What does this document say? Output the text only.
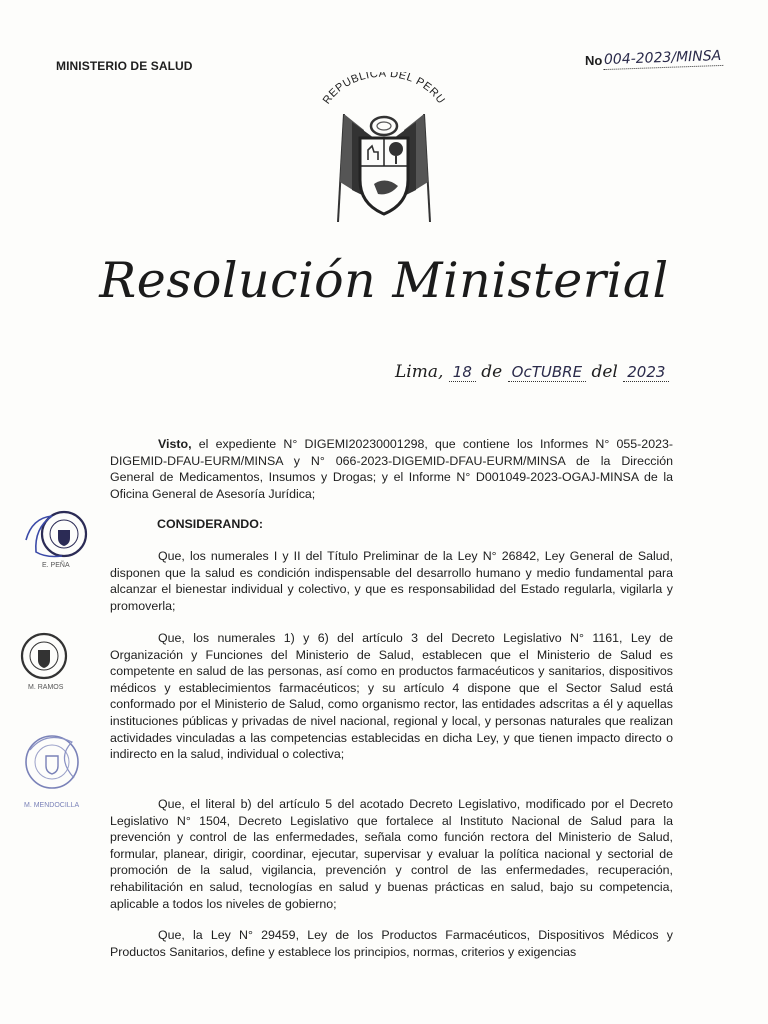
MINISTERIO DE SALUD	No 004-2023/MINSA
REPUBLICA DEL PERU
Resolución Ministerial
Lima, 18 de OcTUBRE del 2023
E. PEÑA
M. RAMOS
M. MENDOCILLA

Visto, el expediente N° DIGEMI20230001298, que contiene los Informes N° 055-2023-DIGEMID-DFAU-EURM/MINSA y N° 066-2023-DIGEMID-DFAU-EURM/MINSA de la Dirección General de Medicamentos, Insumos y Drogas; y el Informe N° D001049-2023-OGAJ-MINSA de la Oficina General de Asesoría Jurídica;

CONSIDERANDO:

Que, los numerales I y II del Título Preliminar de la Ley N° 26842, Ley General de Salud, disponen que la salud es condición indispensable del desarrollo humano y medio fundamental para alcanzar el bienestar individual y colectivo, y que es responsabilidad del Estado regularla, vigilarla y promoverla;

Que, los numerales 1) y 6) del artículo 3 del Decreto Legislativo N° 1161, Ley de Organización y Funciones del Ministerio de Salud, establecen que el Ministerio de Salud es competente en salud de las personas, así como en productos farmacéuticos y sanitarios, dispositivos médicos y establecimientos farmacéuticos; y su artículo 4 dispone que el Sector Salud está conformado por el Ministerio de Salud, como organismo rector, las entidades adscritas a él y aquellas instituciones públicas y privadas de nivel nacional, regional y local, y personas naturales que realizan actividades vinculadas a las competencias establecidas en dicha Ley, y que tienen impacto directo o indirecto en la salud, individual o colectiva;

Que, el literal b) del artículo 5 del acotado Decreto Legislativo, modificado por el Decreto Legislativo N° 1504, Decreto Legislativo que fortalece al Instituto Nacional de Salud para la prevención y control de las enfermedades, señala como función rectora del Ministerio de Salud, formular, planear, dirigir, coordinar, ejecutar, supervisar y evaluar la política nacional y sectorial de promoción de la salud, vigilancia, prevención y control de las enfermedades, recuperación, rehabilitación en salud, tecnologías en salud y buenas prácticas en salud, bajo su competencia, aplicable a todos los niveles de gobierno;

Que, la Ley N° 29459, Ley de los Productos Farmacéuticos, Dispositivos Médicos y Productos Sanitarios, define y establece los principios, normas, criterios y exigencias
